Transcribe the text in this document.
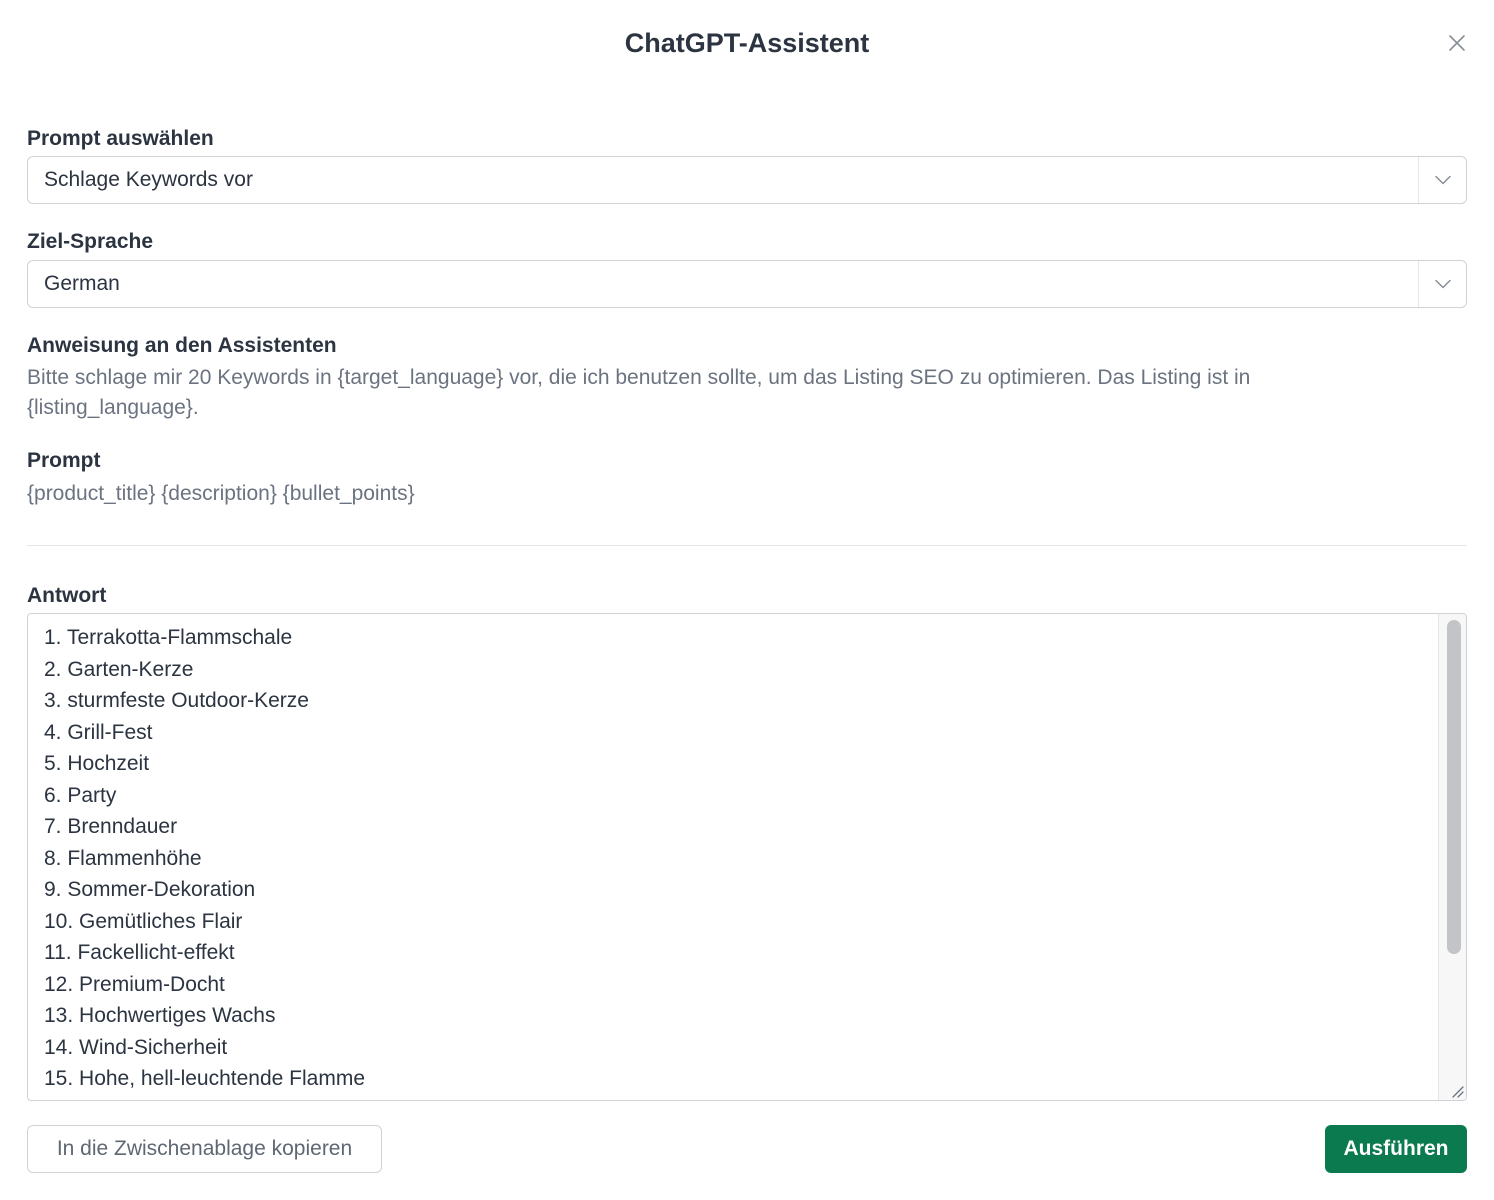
ChatGPT-Assistent
Prompt auswählen
Schlage Keywords vor
Ziel-Sprache
German
Anweisung an den Assistenten
Bitte schlage mir 20 Keywords in {target_language} vor, die ich benutzen sollte, um das Listing SEO zu optimieren. Das Listing ist in {listing_language}.
Prompt
{product_title} {description} {bullet_points}
Antwort
1. Terrakotta-Flammschale
2. Garten-Kerze
3. sturmfeste Outdoor-Kerze
4. Grill-Fest
5. Hochzeit
6. Party
7. Brenndauer
8. Flammenhöhe
9. Sommer-Dekoration
10. Gemütliches Flair
11. Fackellicht-effekt
12. Premium-Docht
13. Hochwertiges Wachs
14. Wind-Sicherheit
15. Hohe, hell-leuchtende Flamme
In die Zwischenablage kopieren	Ausführen
